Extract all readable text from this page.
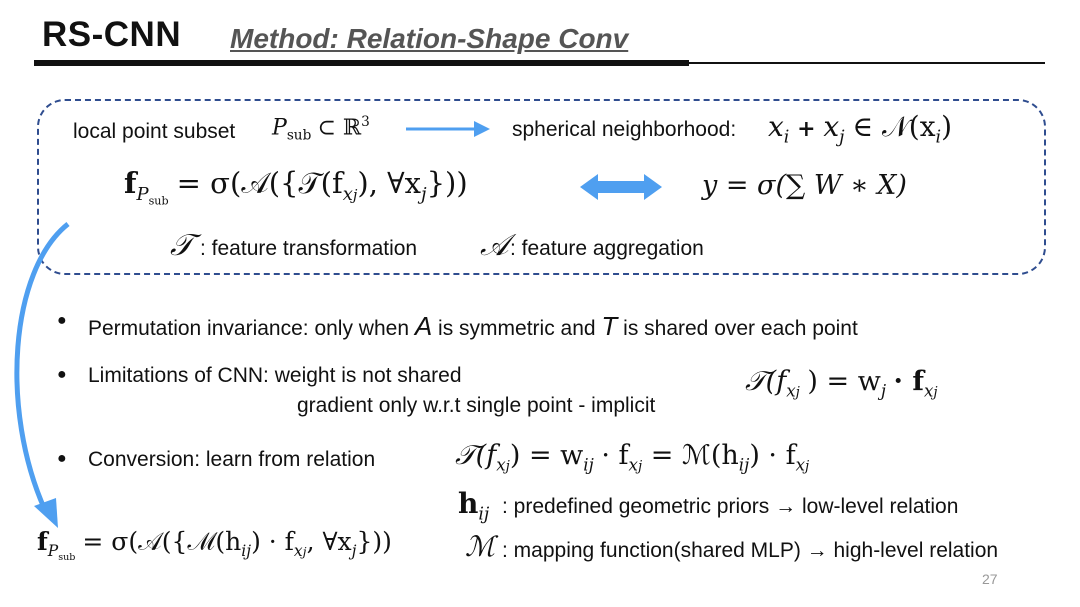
RS-CNN Method: Relation-Shape Conv
local point subset $P_{sub}$ ⊂ ℝ$^3$	spherical neighborhood: $x_i + x_j$ ∈ $𝒩(x_i)$
$f_{P_{sub}}$ = $\sigma(𝒜(\{𝒯(f_{xj})$, $\forall x_j$}))	y = σ(∑ W ∗ X)
𝒯 : feature transformation 𝒜 : feature aggregation
● Permutation invariance: only when A is symmetric and T is shared over each point
● Limitations of CNN: weight is not shared
gradient only w.r.t single point - implicit
$𝒯(f_{xj}$ ) = $w_j \cdot f_{xj}$
● Conversion: learn from relation	$𝒯(f_{xj}) = w_{ij} \cdot f_{xj}$ = $ℳ(h_{ij}) \cdot f_{xj}$
$h_{ij}$ : predefined geometric priors → low-level relation
ℳ : mapping function(shared MLP) → high-level relation
$f_{P_{sub}}$ = $\sigma(𝒜(\{ℳ(h_{ij}) \cdot f_{xj}$, $\forall x_j$}))
27
